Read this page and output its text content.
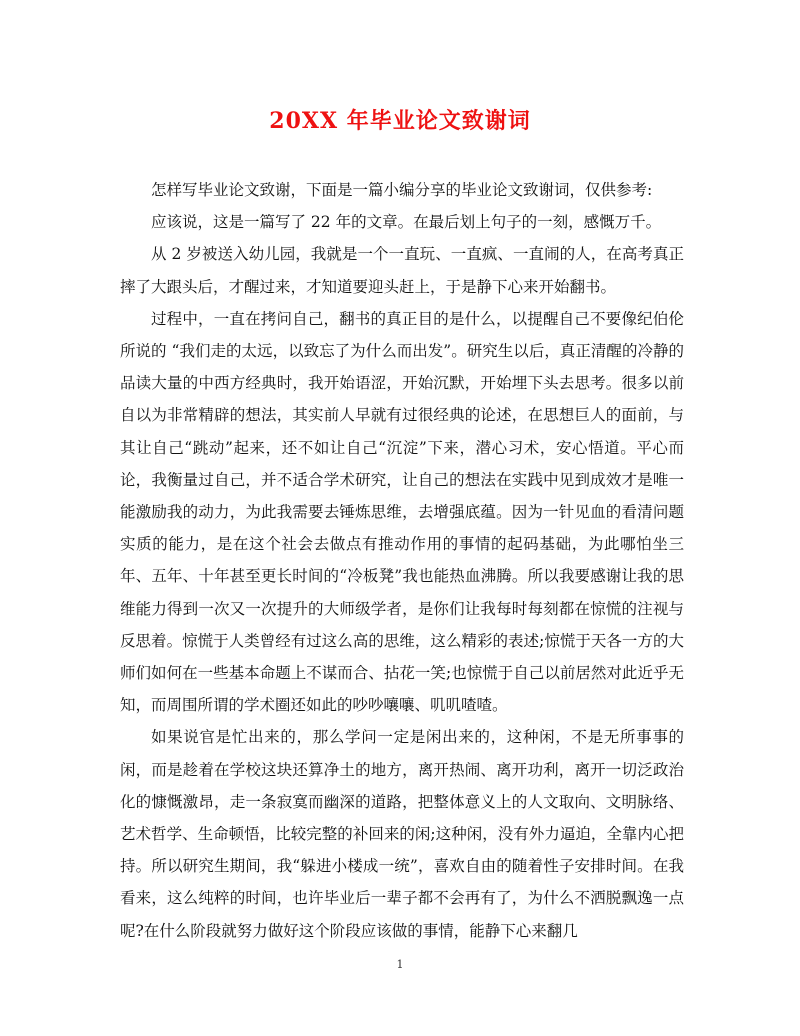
20XX 年毕业论文致谢词

怎样写毕业论文致谢，下面是一篇小编分享的毕业论文致谢词，仅供参考:

应该说，这是一篇写了 22 年的文章。在最后划上句子的一刻，感慨万千。

从 2 岁被送入幼儿园，我就是一个一直玩、一直疯、一直闹的人，在高考真正摔了大跟头后，才醒过来，才知道要迎头赶上，于是静下心来开始翻书。

过程中，一直在拷问自己，翻书的真正目的是什么，以提醒自己不要像纪伯伦所说的 “我们走的太远，以致忘了为什么而出发”。研究生以后，真正清醒的冷静的品读大量的中西方经典时，我开始语涩，开始沉默，开始埋下头去思考。很多以前自以为非常精辟的想法，其实前人早就有过很经典的论述，在思想巨人的面前，与其让自己“跳动”起来，还不如让自己“沉淀”下来，潜心习术，安心悟道。平心而论，我衡量过自己，并不适合学术研究，让自己的想法在实践中见到成效才是唯一能激励我的动力，为此我需要去锤炼思维，去增强底蕴。因为一针见血的看清问题实质的能力，是在这个社会去做点有推动作用的事情的起码基础，为此哪怕坐三年、五年、十年甚至更长时间的“冷板凳”我也能热血沸腾。所以我要感谢让我的思维能力得到一次又一次提升的大师级学者，是你们让我每时每刻都在惊慌的注视与反思着。惊慌于人类曾经有过这么高的思维，这么精彩的表述;惊慌于天各一方的大师们如何在一些基本命题上不谋而合、拈花一笑;也惊慌于自己以前居然对此近乎无知，而周围所谓的学术圈还如此的吵吵嚷嚷、叽叽喳喳。

如果说官是忙出来的，那么学问一定是闲出来的，这种闲，不是无所事事的闲，而是趁着在学校这块还算净土的地方，离开热闹、离开功利，离开一切泛政治化的慷慨激昂，走一条寂寞而幽深的道路，把整体意义上的人文取向、文明脉络、艺术哲学、生命顿悟，比较完整的补回来的闲;这种闲，没有外力逼迫，全靠内心把持。所以研究生期间，我“躲进小楼成一统”，喜欢自由的随着性子安排时间。在我看来，这么纯粹的时间，也许毕业后一辈子都不会再有了，为什么不洒脱飘逸一点呢?在什么阶段就努力做好这个阶段应该做的事情，能静下心来翻几

1
